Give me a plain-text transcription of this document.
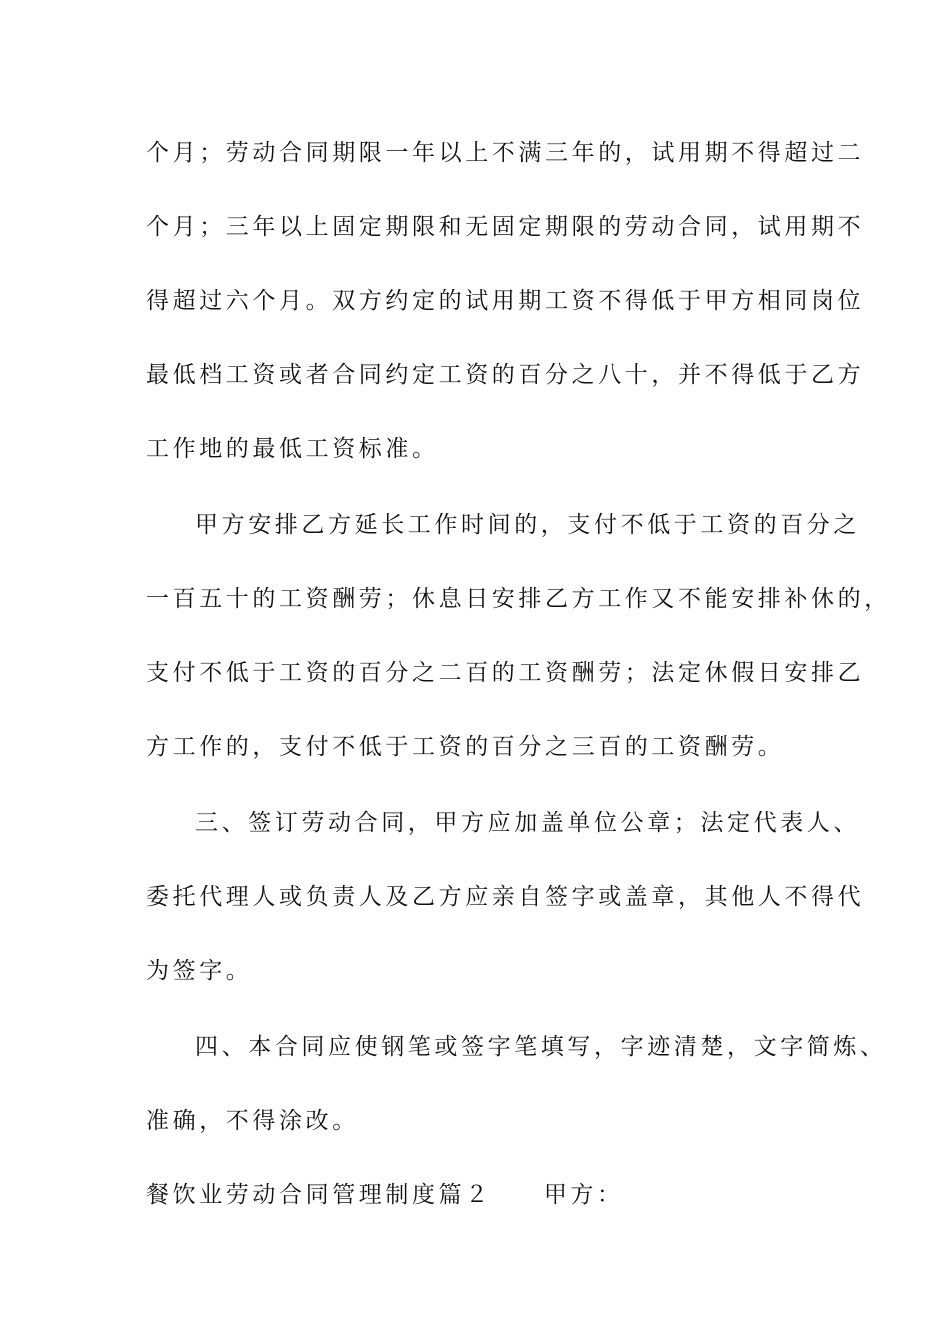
个月；劳动合同期限一年以上不满三年的，试用期不得超过二
个月；三年以上固定期限和无固定期限的劳动合同，试用期不
得超过六个月。双方约定的试用期工资不得低于甲方相同岗位
最低档工资或者合同约定工资的百分之八十，并不得低于乙方
工作地的最低工资标准。
甲方安排乙方延长工作时间的，支付不低于工资的百分之
一百五十的工资酬劳；休息日安排乙方工作又不能安排补休的，
支付不低于工资的百分之二百的工资酬劳；法定休假日安排乙
方工作的，支付不低于工资的百分之三百的工资酬劳。
三、签订劳动合同，甲方应加盖单位公章；法定代表人、
委托代理人或负责人及乙方应亲自签字或盖章，其他人不得代
为签字。
四、本合同应使钢笔或签字笔填写，字迹清楚，文字简炼、
准确，不得涂改。
餐饮业劳动合同管理制度篇２ 甲方：
